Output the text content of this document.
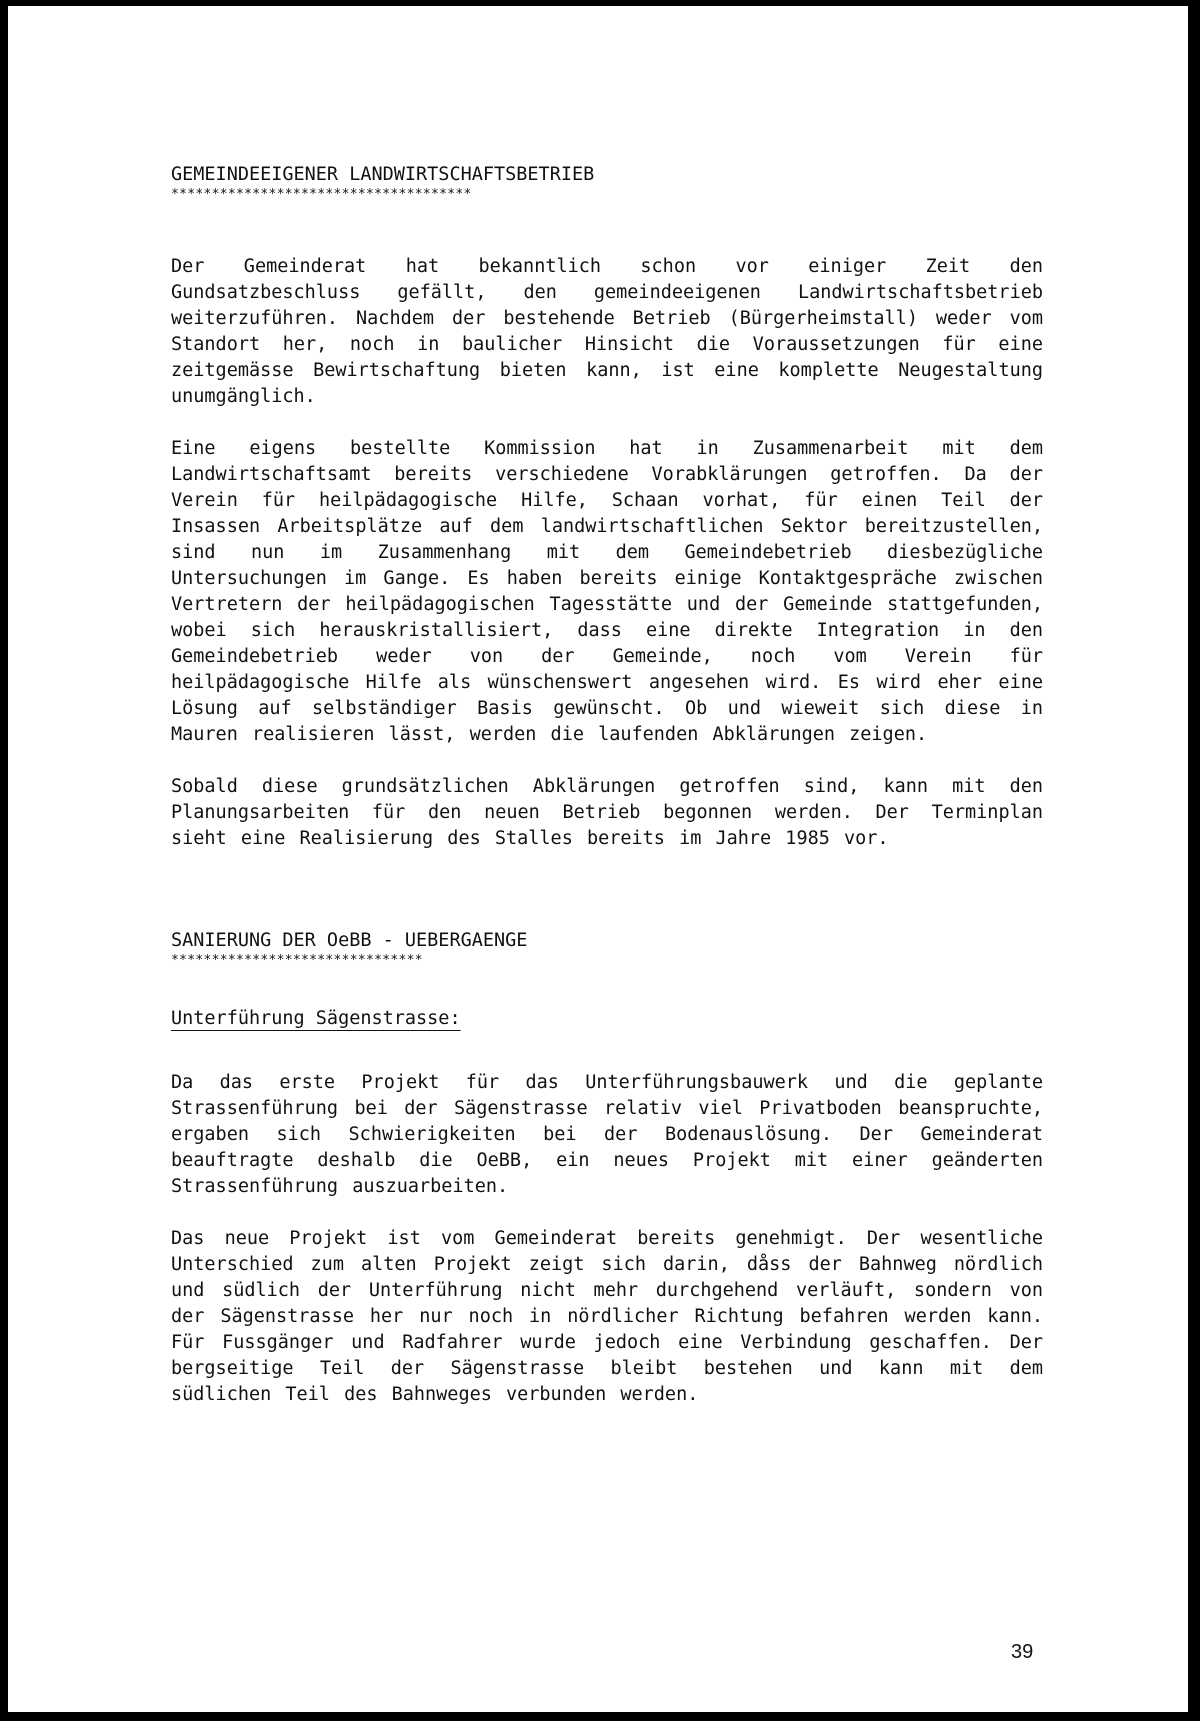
GEMEINDEEIGENER LANDWIRTSCHAFTSBETRIEB
*************************************

Der Gemeinderat hat bekanntlich schon vor einiger Zeit den Gundsatzbeschluss gefällt, den gemeindeeigenen Landwirtschaftsbetrieb weiterzuführen. Nachdem der bestehende Betrieb (Bürgerheimstall) weder vom Standort her, noch in baulicher Hinsicht die Voraussetzungen für eine zeitgemässe Bewirtschaftung bieten kann, ist eine komplette Neugestaltung unumgänglich.

Eine eigens bestellte Kommission hat in Zusammenarbeit mit dem Landwirtschaftsamt bereits verschiedene Vorabklärungen getroffen. Da der Verein für heilpädagogische Hilfe, Schaan vorhat, für einen Teil der Insassen Arbeitsplätze auf dem landwirtschaftlichen Sektor bereitzustellen, sind nun im Zusammenhang mit dem Gemeindebetrieb diesbezügliche Untersuchungen im Gange. Es haben bereits einige Kontaktgespräche zwischen Vertretern der heilpädagogischen Tagesstätte und der Gemeinde stattgefunden, wobei sich herauskristallisiert, dass eine direkte Integration in den Gemeindebetrieb weder von der Gemeinde, noch vom Verein für heilpädagogische Hilfe als wünschenswert angesehen wird. Es wird eher eine Lösung auf selbständiger Basis gewünscht. Ob und wieweit sich diese in Mauren realisieren lässt, werden die laufenden Abklärungen zeigen.

Sobald diese grundsätzlichen Abklärungen getroffen sind, kann mit den Planungsarbeiten für den neuen Betrieb begonnen werden. Der Terminplan sieht eine Realisierung des Stalles bereits im Jahre 1985 vor.

SANIERUNG DER OeBB - UEBERGAENGE
*******************************
Unterführung Sägenstrasse:

Da das erste Projekt für das Unterführungsbauwerk und die geplante Strassenführung bei der Sägenstrasse relativ viel Privatboden beanspruchte, ergaben sich Schwierigkeiten bei der Bodenauslösung. Der Gemeinderat beauftragte deshalb die OeBB, ein neues Projekt mit einer geänderten Strassenführung auszuarbeiten.

Das neue Projekt ist vom Gemeinderat bereits genehmigt. Der wesentliche Unterschied zum alten Projekt zeigt sich darin, dåss der Bahnweg nördlich und südlich der Unterführung nicht mehr durchgehend verläuft, sondern von der Sägenstrasse her nur noch in nördlicher Richtung befahren werden kann. Für Fussgänger und Radfahrer wurde jedoch eine Verbindung geschaffen. Der bergseitige Teil der Sägenstrasse bleibt bestehen und kann mit dem südlichen Teil des Bahnweges verbunden werden.

39
